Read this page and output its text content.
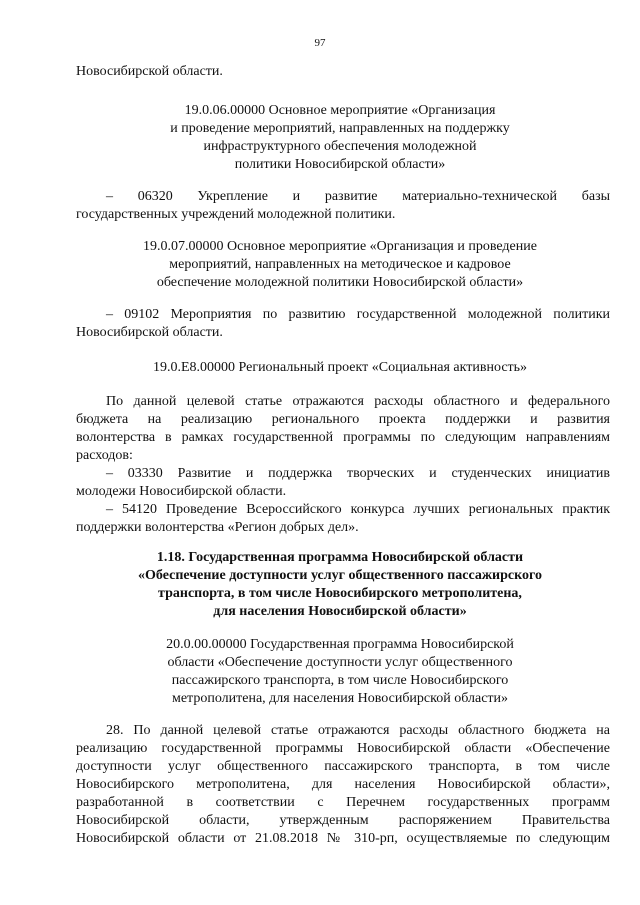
97
Новосибирской области.
19.0.06.00000 Основное мероприятие «Организация
и проведение мероприятий, направленных на поддержку
инфраструктурного обеспечения молодежной
политики Новосибирской области»
– 06320 Укрепление и развитие материально-технической базы
государственных учреждений молодежной политики.
19.0.07.00000 Основное мероприятие «Организация и проведение
мероприятий, направленных на методическое и кадровое
обеспечение молодежной политики Новосибирской области»
– 09102 Мероприятия по развитию государственной молодежной политики
Новосибирской области.
19.0.E8.00000 Региональный проект «Социальная активность»
По данной целевой статье отражаются расходы областного и федерального
бюджета на реализацию регионального проекта поддержки и развития
волонтерства в рамках государственной программы по следующим направлениям
расходов:
– 03330 Развитие и поддержка творческих и студенческих инициатив
молодежи Новосибирской области.
– 54120 Проведение Всероссийского конкурса лучших региональных практик
поддержки волонтерства «Регион добрых дел».
1.18. Государственная программа Новосибирской области
«Обеспечение доступности услуг общественного пассажирского
транспорта, в том числе Новосибирского метрополитена,
для населения Новосибирской области»
20.0.00.00000 Государственная программа Новосибирской
области «Обеспечение доступности услуг общественного
пассажирского транспорта, в том числе Новосибирского
метрополитена, для населения Новосибирской области»
28. По данной целевой статье отражаются расходы областного бюджета на
реализацию государственной программы Новосибирской области «Обеспечение
доступности услуг общественного пассажирского транспорта, в том числе
Новосибирского метрополитена, для населения Новосибирской области»,
разработанной в соответствии с Перечнем государственных программ
Новосибирской области, утвержденным распоряжением Правительства
Новосибирской области от 21.08.2018 № 310-рп, осуществляемые по следующим
